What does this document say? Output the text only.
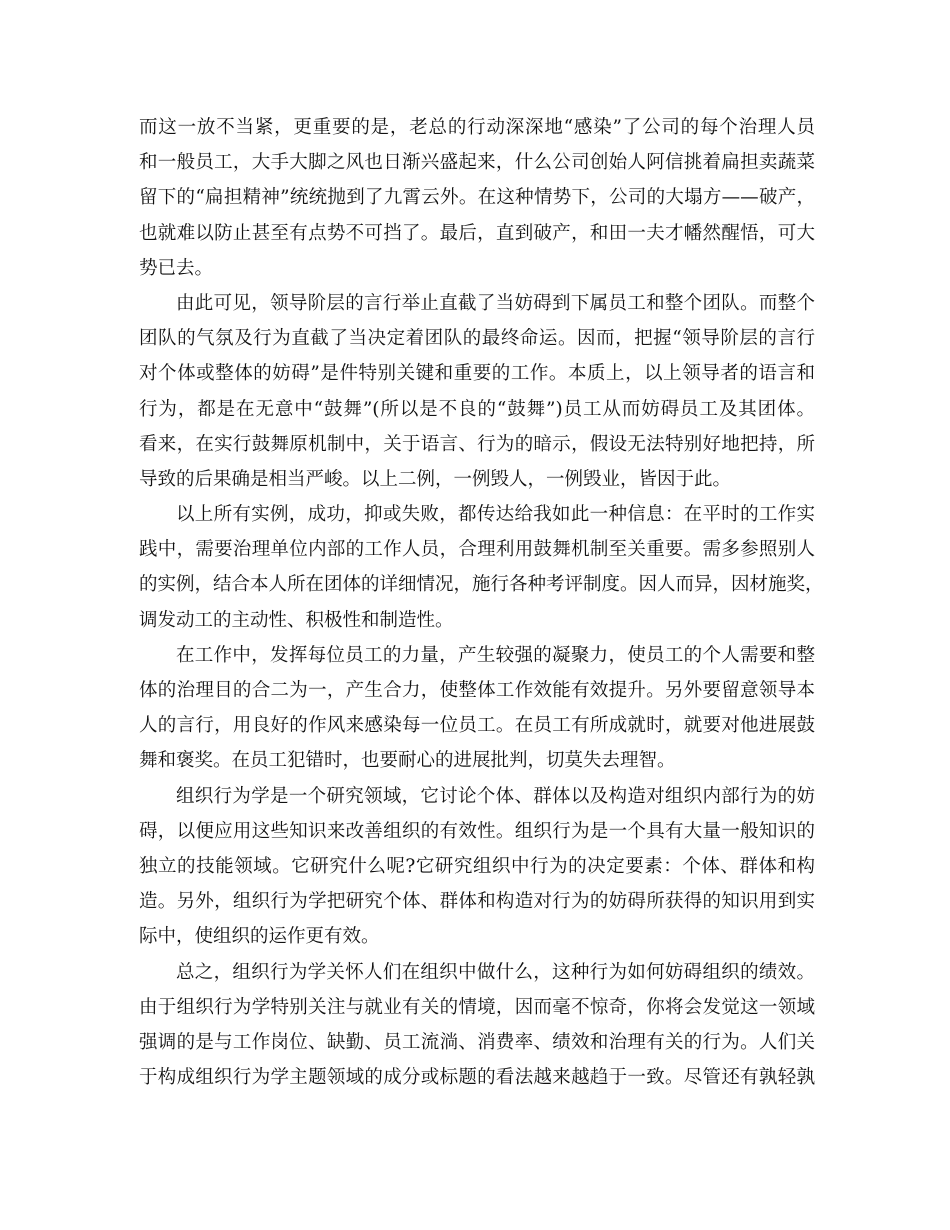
而这一放不当紧，更重要的是，老总的行动深深地“感染”了公司的每个治理人员
和一般员工，大手大脚之风也日渐兴盛起来，什么公司创始人阿信挑着扁担卖蔬菜
留下的“扁担精神”统统抛到了九霄云外。在这种情势下，公司的大塌方——破产，
也就难以防止甚至有点势不可挡了。最后，直到破产，和田一夫才幡然醒悟，可大
势已去。
由此可见，领导阶层的言行举止直截了当妨碍到下属员工和整个团队。而整个
团队的气氛及行为直截了当决定着团队的最终命运。因而，把握“领导阶层的言行
对个体或整体的妨碍”是件特别关键和重要的工作。本质上，以上领导者的语言和
行为，都是在无意中“鼓舞”(所以是不良的“鼓舞”)员工从而妨碍员工及其团体。
看来，在实行鼓舞原机制中，关于语言、行为的暗示，假设无法特别好地把持，所
导致的后果确是相当严峻。以上二例，一例毁人，一例毁业，皆因于此。
以上所有实例，成功，抑或失败，都传达给我如此一种信息：在平时的工作实
践中，需要治理单位内部的工作人员，合理利用鼓舞机制至关重要。需多参照别人
的实例，结合本人所在团体的详细情况，施行各种考评制度。因人而异，因材施奖，
调发动工的主动性、积极性和制造性。
在工作中，发挥每位员工的力量，产生较强的凝聚力，使员工的个人需要和整
体的治理目的合二为一，产生合力，使整体工作效能有效提升。另外要留意领导本
人的言行，用良好的作风来感染每一位员工。在员工有所成就时，就要对他进展鼓
舞和褒奖。在员工犯错时，也要耐心的进展批判，切莫失去理智。
组织行为学是一个研究领域，它讨论个体、群体以及构造对组织内部行为的妨
碍，以便应用这些知识来改善组织的有效性。组织行为是一个具有大量一般知识的
独立的技能领域。它研究什么呢?它研究组织中行为的决定要素：个体、群体和构
造。另外，组织行为学把研究个体、群体和构造对行为的妨碍所获得的知识用到实
际中，使组织的运作更有效。
总之，组织行为学关怀人们在组织中做什么，这种行为如何妨碍组织的绩效。
由于组织行为学特别关注与就业有关的情境，因而毫不惊奇，你将会发觉这一领域
强调的是与工作岗位、缺勤、员工流淌、消费率、绩效和治理有关的行为。人们关
于构成组织行为学主题领域的成分或标题的看法越来越趋于一致。尽管还有孰轻孰
